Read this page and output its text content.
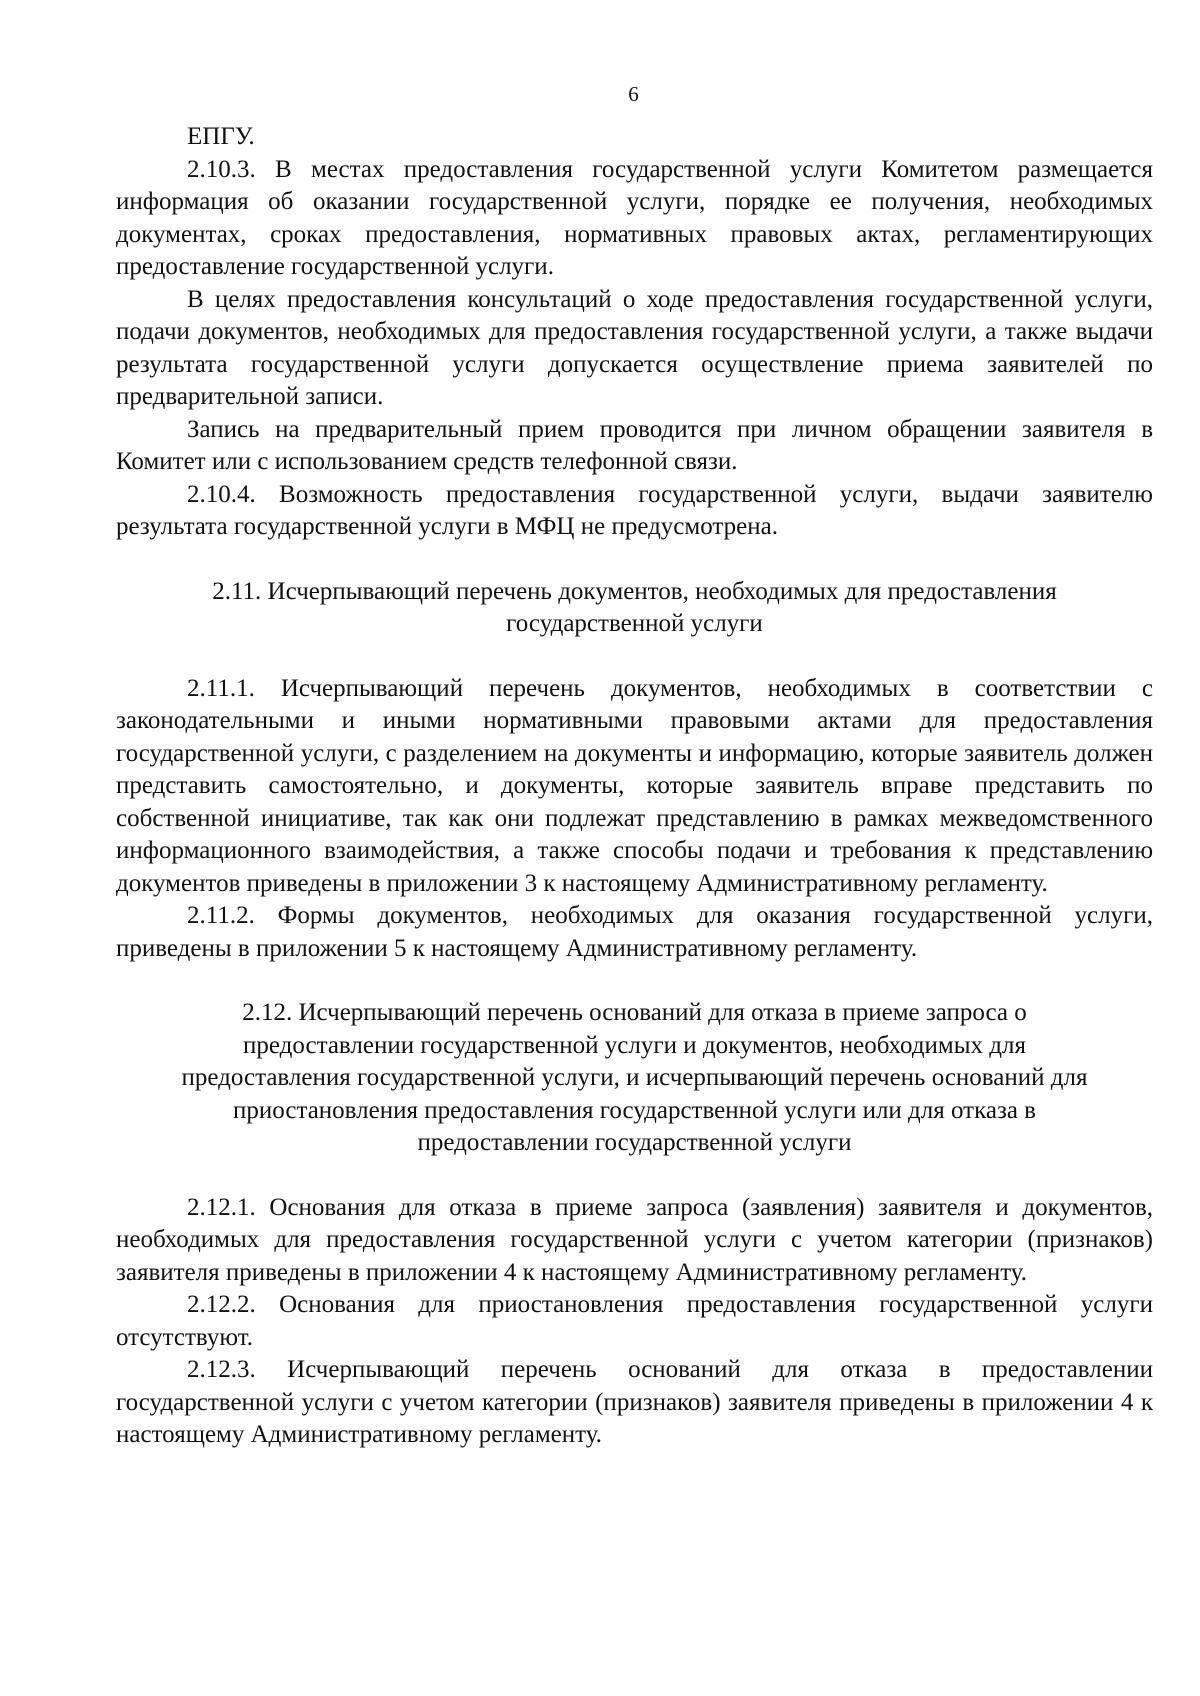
6

ЕПГУ.

2.10.3. В местах предоставления государственной услуги Комитетом размещается информация об оказании государственной услуги, порядке ее получения, необходимых документах, сроках предоставления, нормативных правовых актах, регламентирующих предоставление государственной услуги.

В целях предоставления консультаций о ходе предоставления государственной услуги, подачи документов, необходимых для предоставления государственной услуги, а также выдачи результата государственной услуги допускается осуществление приема заявителей по предварительной записи.

Запись на предварительный прием проводится при личном обращении заявителя в Комитет или с использованием средств телефонной связи.

2.10.4. Возможность предоставления государственной услуги, выдачи заявителю результата государственной услуги в МФЦ не предусмотрена.

2.11. Исчерпывающий перечень документов, необходимых для предоставления государственной услуги

2.11.1. Исчерпывающий перечень документов, необходимых в соответствии с законодательными и иными нормативными правовыми актами для предоставления государственной услуги, с разделением на документы и информацию, которые заявитель должен представить самостоятельно, и документы, которые заявитель вправе представить по собственной инициативе, так как они подлежат представлению в рамках межведомственного информационного взаимодействия, а также способы подачи и требования к представлению документов приведены в приложении 3 к настоящему Административному регламенту.

2.11.2. Формы документов, необходимых для оказания государственной услуги, приведены в приложении 5 к настоящему Административному регламенту.

2.12. Исчерпывающий перечень оснований для отказа в приеме запроса о предоставлении государственной услуги и документов, необходимых для предоставления государственной услуги, и исчерпывающий перечень оснований для приостановления предоставления государственной услуги или для отказа в предоставлении государственной услуги

2.12.1. Основания для отказа в приеме запроса (заявления) заявителя и документов, необходимых для предоставления государственной услуги с учетом категории (признаков) заявителя приведены в приложении 4 к настоящему Административному регламенту.

2.12.2. Основания для приостановления предоставления государственной услуги отсутствуют.

2.12.3. Исчерпывающий перечень оснований для отказа в предоставлении государственной услуги с учетом категории (признаков) заявителя приведены в приложении 4 к настоящему Административному регламенту.
